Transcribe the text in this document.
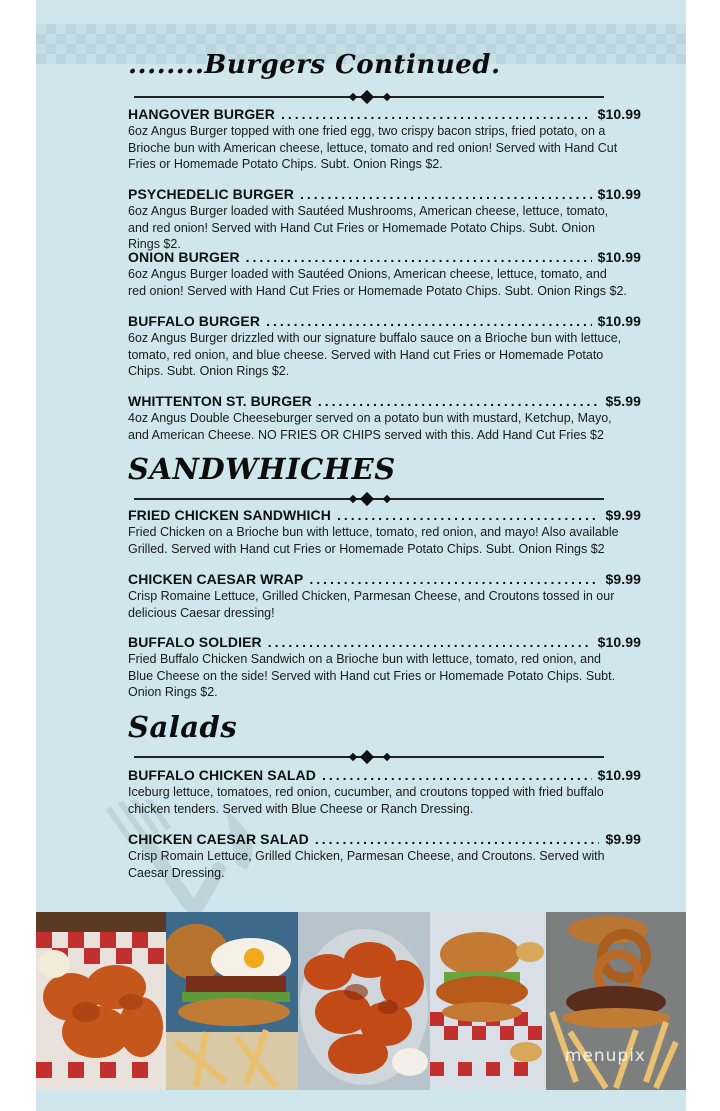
........Burgers Continued.
HANGOVER BURGER .....	$10.99
6oz Angus Burger topped with one fried egg, two crispy bacon strips, fried potato, on a Brioche bun with American cheese, lettuce, tomato and red onion! Served with Hand Cut Fries or Homemade Potato Chips. Subt. Onion Rings $2.
PSYCHEDELIC BURGER .....	$10.99
6oz Angus Burger loaded with Sautéed Mushrooms, American cheese, lettuce, tomato, and red onion! Served with Hand Cut Fries or Homemade Potato Chips. Subt. Onion Rings $2.
ONION BURGER .....	$10.99
6oz Angus Burger loaded with Sautéed Onions, American cheese, lettuce, tomato, and red onion! Served with Hand Cut Fries or Homemade Potato Chips. Subt. Onion Rings $2.
BUFFALO BURGER .....	$10.99
6oz Angus Burger drizzled with our signature buffalo sauce on a Brioche bun with lettuce, tomato, red onion, and blue cheese. Served with Hand cut Fries or Homemade Potato Chips. Subt. Onion Rings $2.
WHITTENTON ST. BURGER .....	$5.99
4oz Angus Double Cheeseburger served on a potato bun with mustard, Ketchup, Mayo, and American Cheese. NO FRIES OR CHIPS served with this. Add Hand Cut Fries $2
SANDWHICHES
FRIED CHICKEN SANDWHICH .....	$9.99
Fried Chicken on a Brioche bun with lettuce, tomato, red onion, and mayo! Also available Grilled. Served with Hand cut Fries or Homemade Potato Chips. Subt. Onion Rings $2
CHICKEN CAESAR WRAP .....	$9.99
Crisp Romaine Lettuce, Grilled Chicken, Parmesan Cheese, and Croutons tossed in our delicious Caesar dressing!
BUFFALO SOLDIER .....	$10.99
Fried Buffalo Chicken Sandwich on a Brioche bun with lettuce, tomato, red onion, and Blue Cheese on the side! Served with Hand cut Fries or Homemade Potato Chips. Subt. Onion Rings $2.
Salads
BUFFALO CHICKEN SALAD .....	$10.99
Iceburg lettuce, tomatoes, red onion, cucumber, and croutons topped with fried buffalo chicken tenders. Served with Blue Cheese or Ranch Dressing.
CHICKEN CAESAR SALAD .....	$9.99
Crisp Romain Lettuce, Grilled Chicken, Parmesan Cheese, and Croutons. Served with Caesar Dressing.
menupix
